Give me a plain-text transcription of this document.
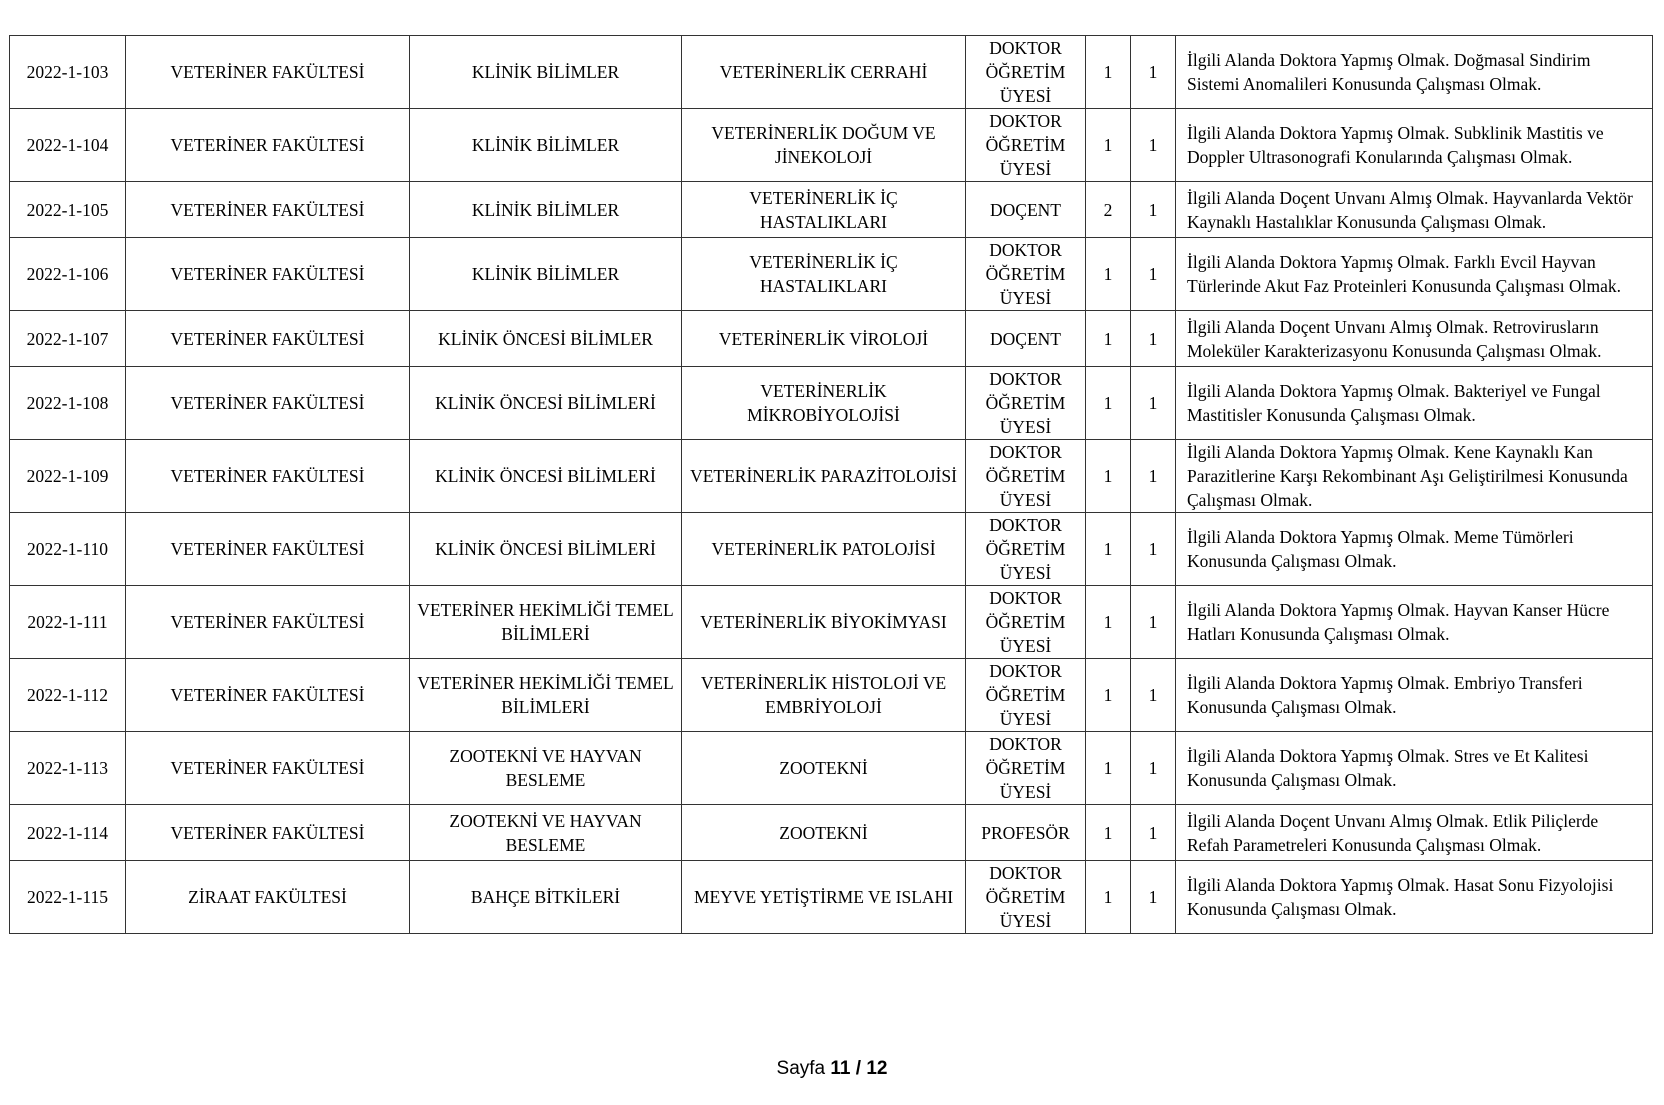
2022-1-103	VETERİNER FAKÜLTESİ	KLİNİK BİLİMLER	VETERİNERLİK CERRAHİ	DOKTOR ÖĞRETİM ÜYESİ	1	1	İlgili Alanda Doktora Yapmış Olmak. Doğmasal Sindirim Sistemi Anomalileri Konusunda Çalışması Olmak.
2022-1-104	VETERİNER FAKÜLTESİ	KLİNİK BİLİMLER	VETERİNERLİK DOĞUM VE JİNEKOLOJİ	DOKTOR ÖĞRETİM ÜYESİ	1	1	İlgili Alanda Doktora Yapmış Olmak. Subklinik Mastitis ve Doppler Ultrasonografi Konularında Çalışması Olmak.
2022-1-105	VETERİNER FAKÜLTESİ	KLİNİK BİLİMLER	VETERİNERLİK İÇ HASTALIKLARI	DOÇENT	2	1	İlgili Alanda Doçent Unvanı Almış Olmak. Hayvanlarda Vektör Kaynaklı Hastalıklar Konusunda Çalışması Olmak.
2022-1-106	VETERİNER FAKÜLTESİ	KLİNİK BİLİMLER	VETERİNERLİK İÇ HASTALIKLARI	DOKTOR ÖĞRETİM ÜYESİ	1	1	İlgili Alanda Doktora Yapmış Olmak. Farklı Evcil Hayvan Türlerinde Akut Faz Proteinleri Konusunda Çalışması Olmak.
2022-1-107	VETERİNER FAKÜLTESİ	KLİNİK ÖNCESİ BİLİMLER	VETERİNERLİK VİROLOJİ	DOÇENT	1	1	İlgili Alanda Doçent Unvanı Almış Olmak. Retrovirusların Moleküler Karakterizasyonu Konusunda Çalışması Olmak.
2022-1-108	VETERİNER FAKÜLTESİ	KLİNİK ÖNCESİ BİLİMLERİ	VETERİNERLİK MİKROBİYOLOJİSİ	DOKTOR ÖĞRETİM ÜYESİ	1	1	İlgili Alanda Doktora Yapmış Olmak. Bakteriyel ve Fungal Mastitisler Konusunda Çalışması Olmak.
2022-1-109	VETERİNER FAKÜLTESİ	KLİNİK ÖNCESİ BİLİMLERİ	VETERİNERLİK PARAZİTOLOJİSİ	DOKTOR ÖĞRETİM ÜYESİ	1	1	İlgili Alanda Doktora Yapmış Olmak. Kene Kaynaklı Kan Parazitlerine Karşı Rekombinant Aşı Geliştirilmesi Konusunda Çalışması Olmak.
2022-1-110	VETERİNER FAKÜLTESİ	KLİNİK ÖNCESİ BİLİMLERİ	VETERİNERLİK PATOLOJİSİ	DOKTOR ÖĞRETİM ÜYESİ	1	1	İlgili Alanda Doktora Yapmış Olmak. Meme Tümörleri Konusunda Çalışması Olmak.
2022-1-111	VETERİNER FAKÜLTESİ	VETERİNER HEKİMLİĞİ TEMEL BİLİMLERİ	VETERİNERLİK BİYOKİMYASI	DOKTOR ÖĞRETİM ÜYESİ	1	1	İlgili Alanda Doktora Yapmış Olmak. Hayvan Kanser Hücre Hatları Konusunda Çalışması Olmak.
2022-1-112	VETERİNER FAKÜLTESİ	VETERİNER HEKİMLİĞİ TEMEL BİLİMLERİ	VETERİNERLİK HİSTOLOJİ VE EMBRİYOLOJİ	DOKTOR ÖĞRETİM ÜYESİ	1	1	İlgili Alanda Doktora Yapmış Olmak. Embriyo Transferi Konusunda Çalışması Olmak.
2022-1-113	VETERİNER FAKÜLTESİ	ZOOTEKNİ VE HAYVAN BESLEME	ZOOTEKNİ	DOKTOR ÖĞRETİM ÜYESİ	1	1	İlgili Alanda Doktora Yapmış Olmak. Stres ve Et Kalitesi Konusunda Çalışması Olmak.
2022-1-114	VETERİNER FAKÜLTESİ	ZOOTEKNİ VE HAYVAN BESLEME	ZOOTEKNİ	PROFESÖR	1	1	İlgili Alanda Doçent Unvanı Almış Olmak. Etlik Piliçlerde Refah Parametreleri Konusunda Çalışması Olmak.
2022-1-115	ZİRAAT FAKÜLTESİ	BAHÇE BİTKİLERİ	MEYVE YETİŞTİRME VE ISLAHI	DOKTOR ÖĞRETİM ÜYESİ	1	1	İlgili Alanda Doktora Yapmış Olmak. Hasat Sonu Fizyolojisi Konusunda Çalışması Olmak.
Sayfa 11 / 12
